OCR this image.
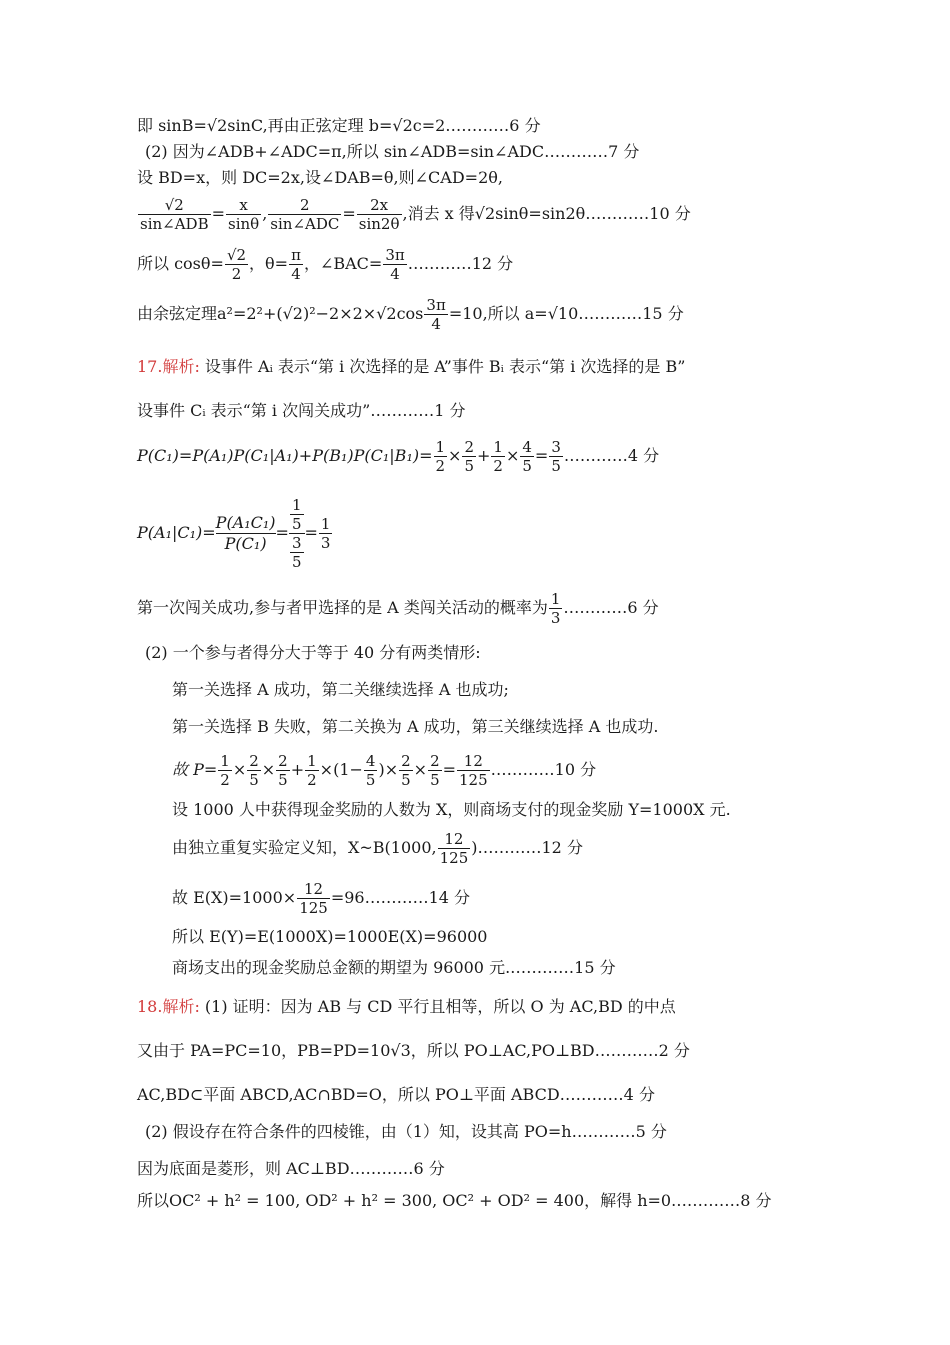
即 sinB=√2sinC,再由正弦定理 b=√2c=2…………6 分
(2) 因为∠ADB+∠ADC=π,所以 sin∠ADB=sin∠ADC…………7 分
设 BD=x，则 DC=2x,设∠DAB=θ,则∠CAD=2θ,
$\frac{√2}{\text{sin∠ADB}} = \frac{x}{\sin\theta}$ , $\frac{2}{\text{sin∠ADC}} = \frac{2x}{\sin 2\theta}$ ,消去 x 得√2sinθ=sin2θ…………10 分
所以 $\cos\theta= \frac{√2}{2}$ ，$\theta= \frac{\pi}{4}$ ，∠BAC= $\frac{3\pi}{4}$ …………12 分
由余弦定理$a^2=2^2+(√2)^2-2\times 2\times√2\cos \frac{3\pi}{4} =10$,所以 a=√10…………15 分
17.解析: 设事件 Aᵢ 表示“第 i 次选择的是 A”事件 Bᵢ 表示“第 i 次选择的是 B”
设事件 Cᵢ 表示“第 i 次闯关成功”…………1 分
$P(C_1)=P(A_1)P(C_1|A_1)+P(B_1)P(C_1|B_1)= \frac{1}{2} \times \frac{2}{5} + \frac{1}{2} \times \frac{4}{5} = \frac{3}{5}$ …………4 分
$P(A_1|C_1)= \frac{\text{P(A₁C₁)}}{\text{P(C₁)}} = \frac{\frac{1}{5}}{\frac{3}{5}} = \frac{1}{3}$
第一次闯关成功,参与者甲选择的是 A 类闯关活动的概率为 $\frac{1}{3}$ …………6 分
(2) 一个参与者得分大于等于 40 分有两类情形:
第一关选择 A 成功，第二关继续选择 A 也成功;
第一关选择 B 失败，第二关换为 A 成功，第三关继续选择 A 也成功.
故 $P= \frac{1}{2} \times \frac{2}{5} \times \frac{2}{5} + \frac{1}{2} \times(1- \frac{4}{5}$ )× $\frac{2}{5} \times \frac{2}{5} = \frac{12}{125}$ …………10 分
设 1000 人中获得现金奖励的人数为 X，则商场支付的现金奖励 Y=1000X 元.
由独立重复实验定义知，X~B(1000, $\frac{12}{125}$ )…………12 分
故 $E(X)=1000\times \frac{12}{125}$ =96…………14 分
所以 E(Y)=E(1000X)=1000E(X)=96000
商场支出的现金奖励总金额的期望为 96000 元.…………15 分
18.解析: (1) 证明：因为 AB 与 CD 平行且相等，所以 O 为 AC,BD 的中点
又由于 PA=PC=10，PB=PD=10√3，所以 PO⊥AC,PO⊥BD…………2 分
AC,BD⊂平面 ABCD,AC∩BD=O，所以 PO⊥平面 ABCD…………4 分
(2) 假设存在符合条件的四棱锥，由（1）知，设其高 PO=h…………5 分
因为底面是菱形，则 AC⊥BD…………6 分
所以OC² + h² = 100, OD² + h² = 300, OC² + OD² = 400，解得 h=0.…………8 分
